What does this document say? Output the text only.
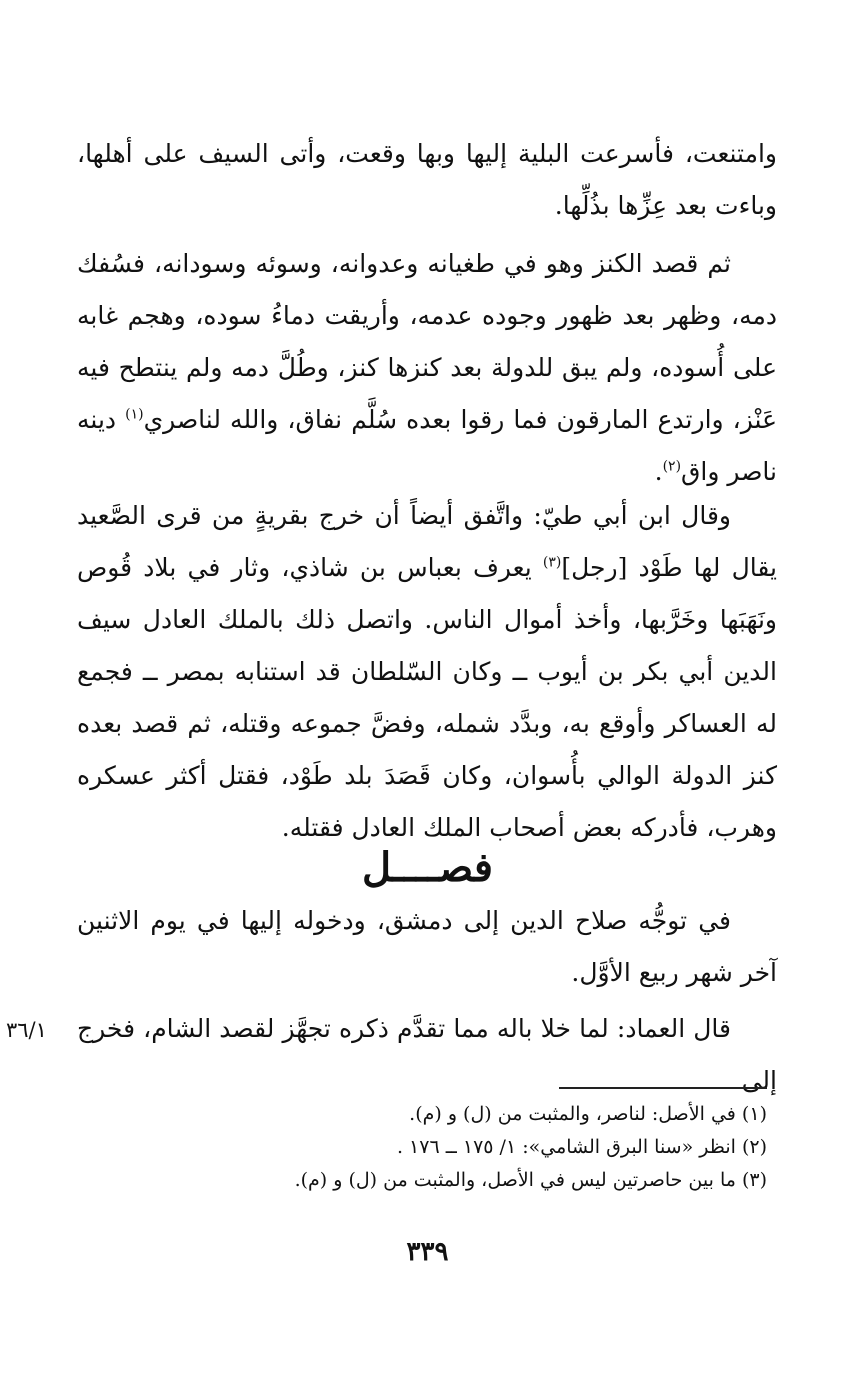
وامتنعت، فأسرعت البلية إليها وبها وقعت، وأتى السيف على أهلها، وباءت بعد عِزِّها بذُلِّها.

ثم قصد الكنز وهو في طغيانه وعدوانه، وسوئه وسودانه، فسُفك دمه، وظهر بعد ظهور وجوده عدمه، وأريقت دماءُ سوده، وهجم غابه على أُسوده، ولم يبق للدولة بعد كنزها كنز، وطُلَّ دمه ولم ينتطح فيه عَنْز، وارتدع المارقون فما رقوا بعده سُلَّم نفاق، والله لناصري$^{(١)}$ دينه ناصر واق$^{(٢)}$.

وقال ابن أبي طيّ: واتَّفق أيضاً أن خرج بقريةٍ من قرى الصَّعيد يقال لها طَوْد [رجل]$^{(٣)}$ يعرف بعباس بن شاذي، وثار في بلاد قُوص ونَهَبَها وخَرَّبها، وأخذ أموال الناس. واتصل ذلك بالملك العادل سيف الدين أبي بكر بن أيوب ــ وكان السّلطان قد استنابه بمصر ــ فجمع له العساكر وأوقع به، وبدَّد شمله، وفضَّ جموعه وقتله، ثم قصد بعده كنز الدولة الوالي بأُسوان، وكان قَصَدَ بلد طَوْد، فقتل أكثر عسكره وهرب، فأدركه بعض أصحاب الملك العادل فقتله.

فصــــل

في توجُّه صلاح الدين إلى دمشق، ودخوله إليها في يوم الاثنين آخر شهر ربيع الأوَّل.

قال العماد: لما خلا باله مما تقدَّم ذكره تجهَّز لقصد الشام، فخرج إلى

٣٦/١
(١) في الأصل: لناصر، والمثبت من (ل) و (م).
(٢) انظر «سنا البرق الشامي»: ١/ ١٧٥ ــ ١٧٦ .
(٣) ما بين حاصرتين ليس في الأصل، والمثبت من (ل) و (م).
٣٣٩
